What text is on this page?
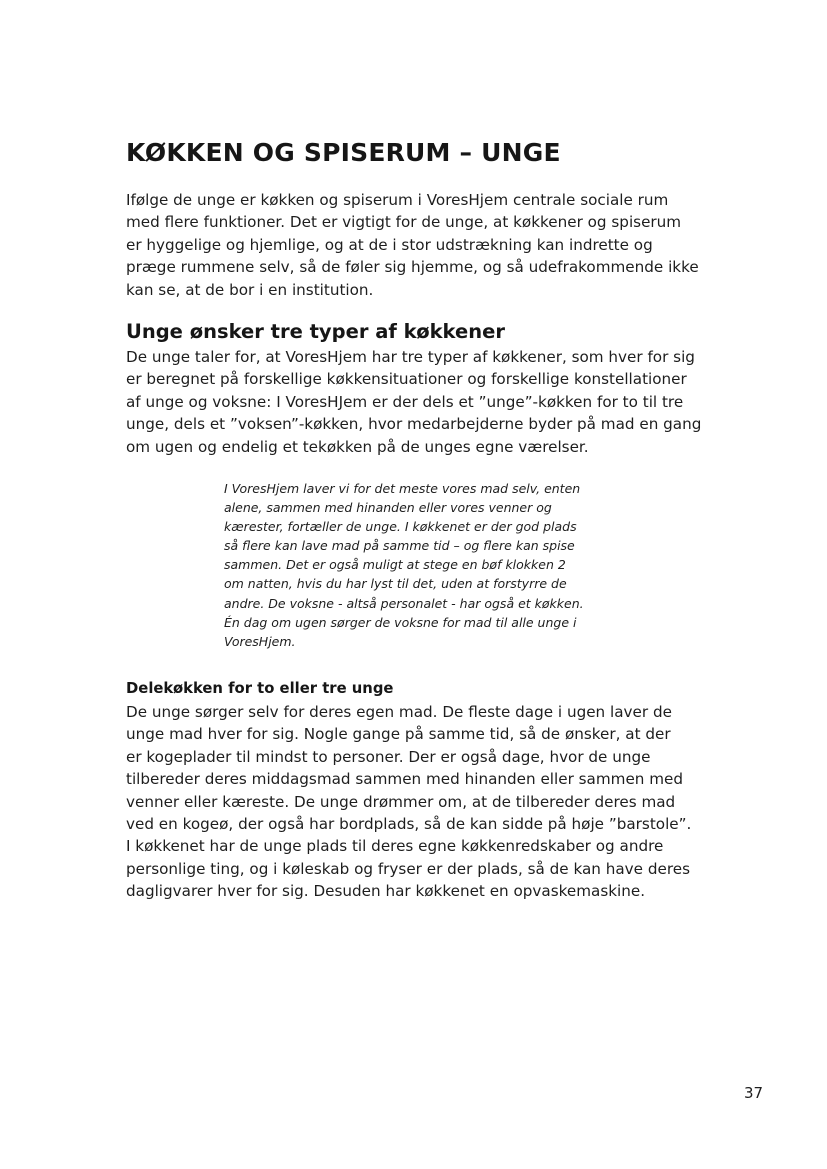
KØKKEN OG SPISERUM – UNGE

Ifølge de unge er køkken og spiserum i VoresHjem centrale sociale rum
med flere funktioner. Det er vigtigt for de unge, at køkkener og spiserum
er hyggelige og hjemlige, og at de i stor udstrækning kan indrette og
præge rummene selv, så de føler sig hjemme, og så udefrakommende ikke
kan se, at de bor i en institution.

Unge ønsker tre typer af køkkener

De unge taler for, at VoresHjem har tre typer af køkkener, som hver for sig
er beregnet på forskellige køkkensituationer og forskellige konstellationer
af unge og voksne: I VoresHJem er der dels et ”unge”-køkken for to til tre
unge, dels et ”voksen”-køkken, hvor medarbejderne byder på mad en gang
om ugen og endelig et tekøkken på de unges egne værelser.

I VoresHjem laver vi for det meste vores mad selv, enten
alene, sammen med hinanden eller vores venner og
kærester, fortæller de unge. I køkkenet er der god plads
så flere kan lave mad på samme tid – og flere kan spise
sammen. Det er også muligt at stege en bøf klokken 2
om natten, hvis du har lyst til det, uden at forstyrre de
andre. De voksne - altså personalet - har også et køkken.
Én dag om ugen sørger de voksne for mad til alle unge i
VoresHjem.
Delekøkken for to eller tre unge

De unge sørger selv for deres egen mad. De fleste dage i ugen laver de
unge mad hver for sig. Nogle gange på samme tid, så de ønsker, at der
er kogeplader til mindst to personer. Der er også dage, hvor de unge
tilbereder deres middagsmad sammen med hinanden eller sammen med
venner eller kæreste. De unge drømmer om, at de tilbereder deres mad
ved en kogeø, der også har bordplads, så de kan sidde på høje ”barstole”.
I køkkenet har de unge plads til deres egne køkkenredskaber og andre
personlige ting, og i køleskab og fryser er der plads, så de kan have deres
dagligvarer hver for sig. Desuden har køkkenet en opvaskemaskine.

37
